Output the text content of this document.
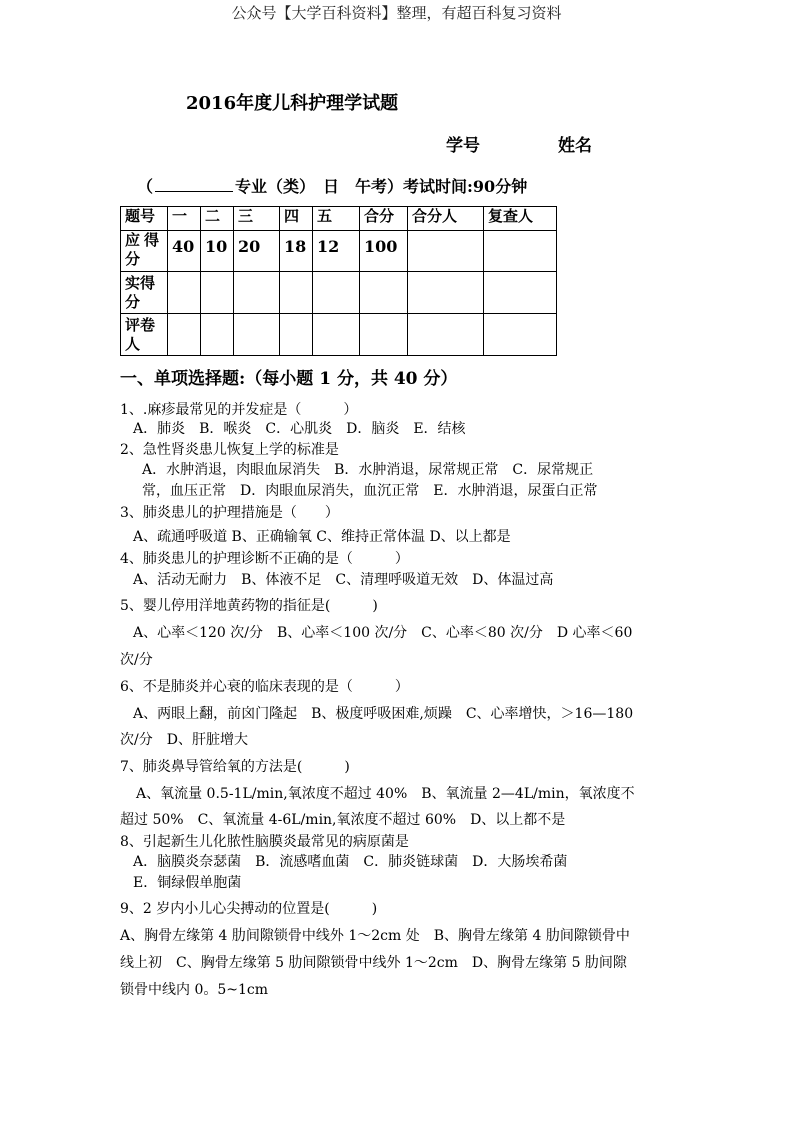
公众号【大学百科资料】整理，有超百科复习资料
2016年度儿科护理学试题
学号	姓名
（	专业（类）　日　午考）考试时间:90分钟
题号	一	二	三	四	五	合分	合分人	复查人
应得分	40	10	20	18	12	100		
实得分								
评卷人								
一、单项选择题:（每小题 1 分，共 40 分）
1、.麻疹最常见的并发症是（　　　）
A．肺炎　B．喉炎　C．心肌炎　D．脑炎　E．结核
2、急性肾炎患儿恢复上学的标准是
A．水肿消退，肉眼血尿消失　B．水肿消退，尿常规正常　C．尿常规正
常，血压正常　D．肉眼血尿消失，血沉正常　E．水肿消退，尿蛋白正常
3、肺炎患儿的护理措施是（　　）
A、疏通呼吸道 B、正确输氧 C、维持正常体温 D、以上都是
4、肺炎患儿的护理诊断不正确的是（　　　）
A、活动无耐力　B、体液不足　C、清理呼吸道无效　D、体温过高
5、婴儿停用洋地黄药物的指征是(　　　)
A、心率＜120 次/分　B、心率＜100 次/分　C、心率＜80 次/分　D 心率＜60
次/分
6、不是肺炎并心衰的临床表现的是（　　　）
A、两眼上翻，前囟门隆起　B、极度呼吸困难,烦躁　C、心率增快，＞16—180
次/分　D、肝脏增大
7、肺炎鼻导管给氧的方法是(　　　)
A、氧流量 0.5-1L/min,氧浓度不超过 40%　B、氧流量 2—4L/min，氧浓度不
超过 50%　C、氧流量 4-6L/min,氧浓度不超过 60%　D、以上都不是
8、引起新生儿化脓性脑膜炎最常见的病原菌是
A．脑膜炎奈瑟菌　B．流感嗜血菌　C．肺炎链球菌　D．大肠埃希菌
E．铜绿假单胞菌
9、2 岁内小儿心尖搏动的位置是(　　　)
A、胸骨左缘第 4 肋间隙锁骨中线外 1～2cm 处　B、胸骨左缘第 4 肋间隙锁骨中
线上初　C、胸骨左缘第 5 肋间隙锁骨中线外 1～2cm　D、胸骨左缘第 5 肋间隙
锁骨中线内 0。5~1cm
